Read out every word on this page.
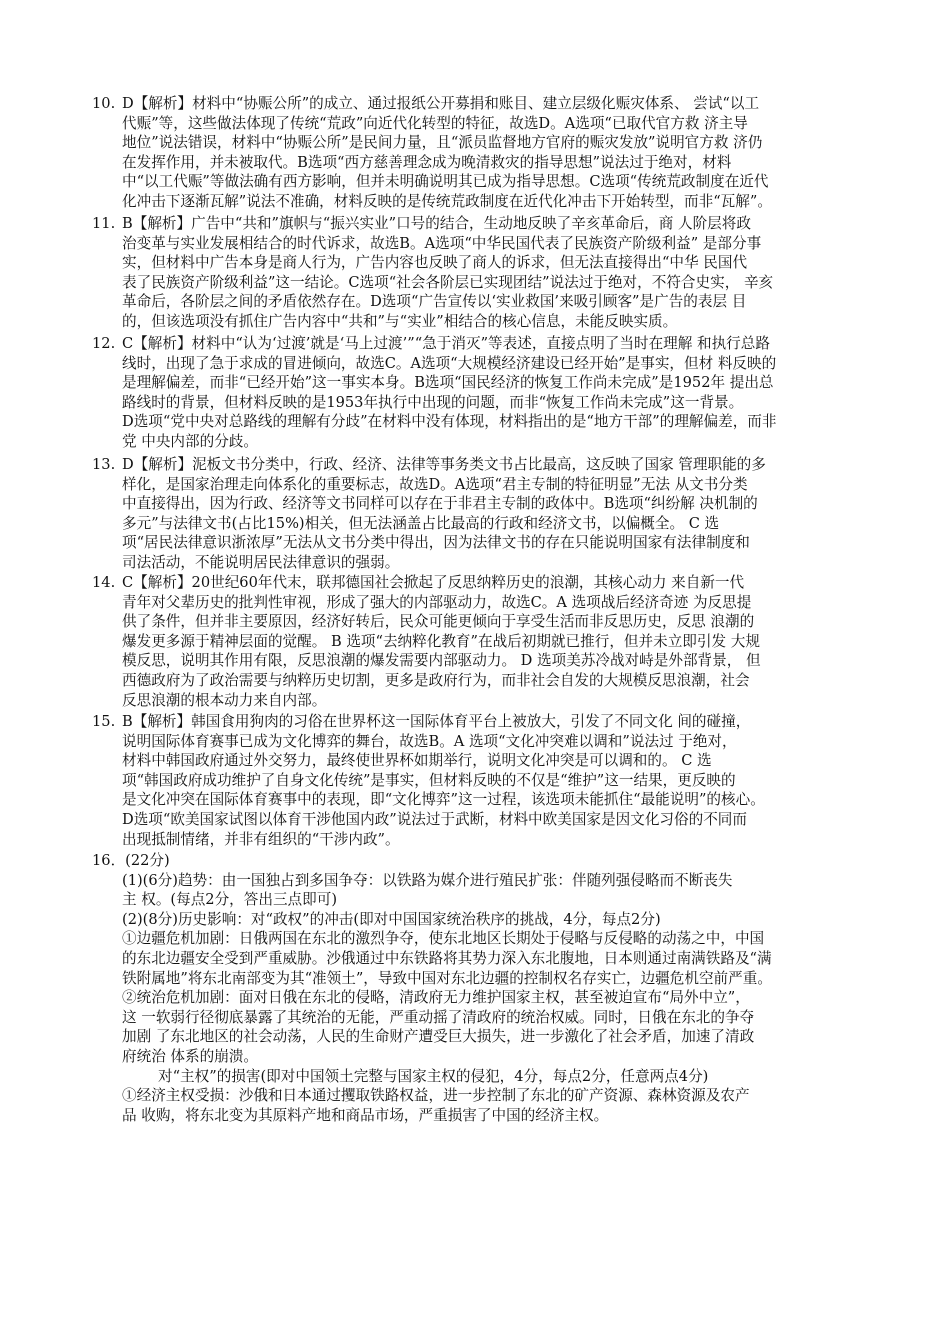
10. D【解析】材料中“协赈公所”的成立、通过报纸公开募捐和账目、建立层级化赈灾体系、 尝试“以工
代赈”等，这些做法体现了传统“荒政”向近代化转型的特征，故选D。A选项“已取代官方救 济主导
地位”说法错误，材料中“协赈公所”是民间力量，且“派员监督地方官府的赈灾发放”说明官方救 济仍
在发挥作用，并未被取代。B选项“西方慈善理念成为晚清救灾的指导思想”说法过于绝对，材料
中“以工代赈”等做法确有西方影响，但并未明确说明其已成为指导思想。C选项“传统荒政制度在近代
化冲击下逐渐瓦解”说法不准确，材料反映的是传统荒政制度在近代化冲击下开始转型，而非“瓦解”。
11. B【解析】广告中“共和”旗帜与“振兴实业”口号的结合，生动地反映了辛亥革命后，商 人阶层将政
治变革与实业发展相结合的时代诉求，故选B。A选项“中华民国代表了民族资产阶级利益” 是部分事
实，但材料中广告本身是商人行为，广告内容也反映了商人的诉求，但无法直接得出“中华 民国代
表了民族资产阶级利益”这一结论。C选项“社会各阶层已实现团结”说法过于绝对，不符合史实， 辛亥
革命后，各阶层之间的矛盾依然存在。D选项“广告宣传以‘实业救国’来吸引顾客”是广告的表层 目
的，但该选项没有抓住广告内容中“共和”与“实业”相结合的核心信息，未能反映实质。
12. C【解析】材料中“认为‘过渡’就是‘马上过渡’”“急于消灭”等表述，直接点明了当时在理解 和执行总路
线时，出现了急于求成的冒进倾向，故选C。A选项“大规模经济建设已经开始”是事实，但材 料反映的
是理解偏差，而非“已经开始”这一事实本身。B选项“国民经济的恢复工作尚未完成”是1952年 提出总
路线时的背景，但材料反映的是1953年执行中出现的问题，而非“恢复工作尚未完成”这一背景。
D选项“党中央对总路线的理解有分歧”在材料中没有体现，材料指出的是“地方干部”的理解偏差，而非
党 中央内部的分歧。
13. D【解析】泥板文书分类中，行政、经济、法律等事务类文书占比最高，这反映了国家 管理职能的多
样化，是国家治理走向体系化的重要标志，故选D。A选项“君主专制的特征明显”无法 从文书分类
中直接得出，因为行政、经济等文书同样可以存在于非君主专制的政体中。B选项“纠纷解 决机制的
多元”与法律文书(占比15%)相关，但无法涵盖占比最高的行政和经济文书，以偏概全。 C 选
项“居民法律意识浙浓厚”无法从文书分类中得出，因为法律文书的存在只能说明国家有法律制度和
司法活动，不能说明居民法律意识的强弱。
14. C【解析】20世纪60年代末，联邦德国社会掀起了反思纳粹历史的浪潮，其核心动力 来自新一代
青年对父辈历史的批判性审视，形成了强大的内部驱动力，故选C。A 选项战后经济奇迹 为反思提
供了条件，但并非主要原因，经济好转后，民众可能更倾向于享受生活而非反思历史，反思 浪潮的
爆发更多源于精神层面的觉醒。 B 选项“去纳粹化教育”在战后初期就已推行，但并未立即引发 大规
模反思，说明其作用有限，反思浪潮的爆发需要内部驱动力。 D 选项美苏冷战对峙是外部背景， 但
西德政府为了政治需要与纳粹历史切割，更多是政府行为，而非社会自发的大规模反思浪潮，社会
反思浪潮的根本动力来自内部。
15. B【解析】韩国食用狗肉的习俗在世界杯这一国际体育平台上被放大，引发了不同文化 间的碰撞，
说明国际体育赛事已成为文化博弈的舞台，故选B。A 选项“文化冲突难以调和”说法过 于绝对，
材料中韩国政府通过外交努力，最终使世界杯如期举行，说明文化冲突是可以调和的。 C 选
项“韩国政府成功维护了自身文化传统”是事实，但材料反映的不仅是“维护”这一结果，更反映的
是文化冲突在国际体育赛事中的表现，即“文化博弈”这一过程，该选项未能抓住“最能说明”的核心。
D选项“欧美国家试图以体育干涉他国内政”说法过于武断，材料中欧美国家是因文化习俗的不同而
出现抵制情绪，并非有组织的“干涉内政”。
16．(22分)
(1)(6分)趋势：由一国独占到多国争夺：以铁路为媒介进行殖民扩张：伴随列强侵略而不断丧失
主 权。(每点2分，答出三点即可)
(2)(8分)历史影响：对“政权”的冲击(即对中国国家统治秩序的挑战，4分，每点2分)
①边疆危机加剧：日俄两国在东北的激烈争夺，使东北地区长期处于侵略与反侵略的动荡之中，中国
的东北边疆安全受到严重威胁。沙俄通过中东铁路将其势力深入东北腹地，日本则通过南满铁路及“满
铁附属地”将东北南部变为其“准领土”，导致中国对东北边疆的控制权名存实亡，边疆危机空前严重。
②统治危机加剧：面对日俄在东北的侵略，清政府无力维护国家主权，甚至被迫宣布“局外中立”，
这 一软弱行径彻底暴露了其统治的无能，严重动摇了清政府的统治权威。同时，日俄在东北的争夺
加剧 了东北地区的社会动荡，人民的生命财产遭受巨大损失，进一步激化了社会矛盾，加速了清政
府统治 体系的崩溃。
对“主权”的损害(即对中国领土完整与国家主权的侵犯，4分，每点2分，任意两点4分)
①经济主权受损：沙俄和日本通过攫取铁路权益，进一步控制了东北的矿产资源、森林资源及农产
品 收购，将东北变为其原料产地和商品市场，严重损害了中国的经济主权。
